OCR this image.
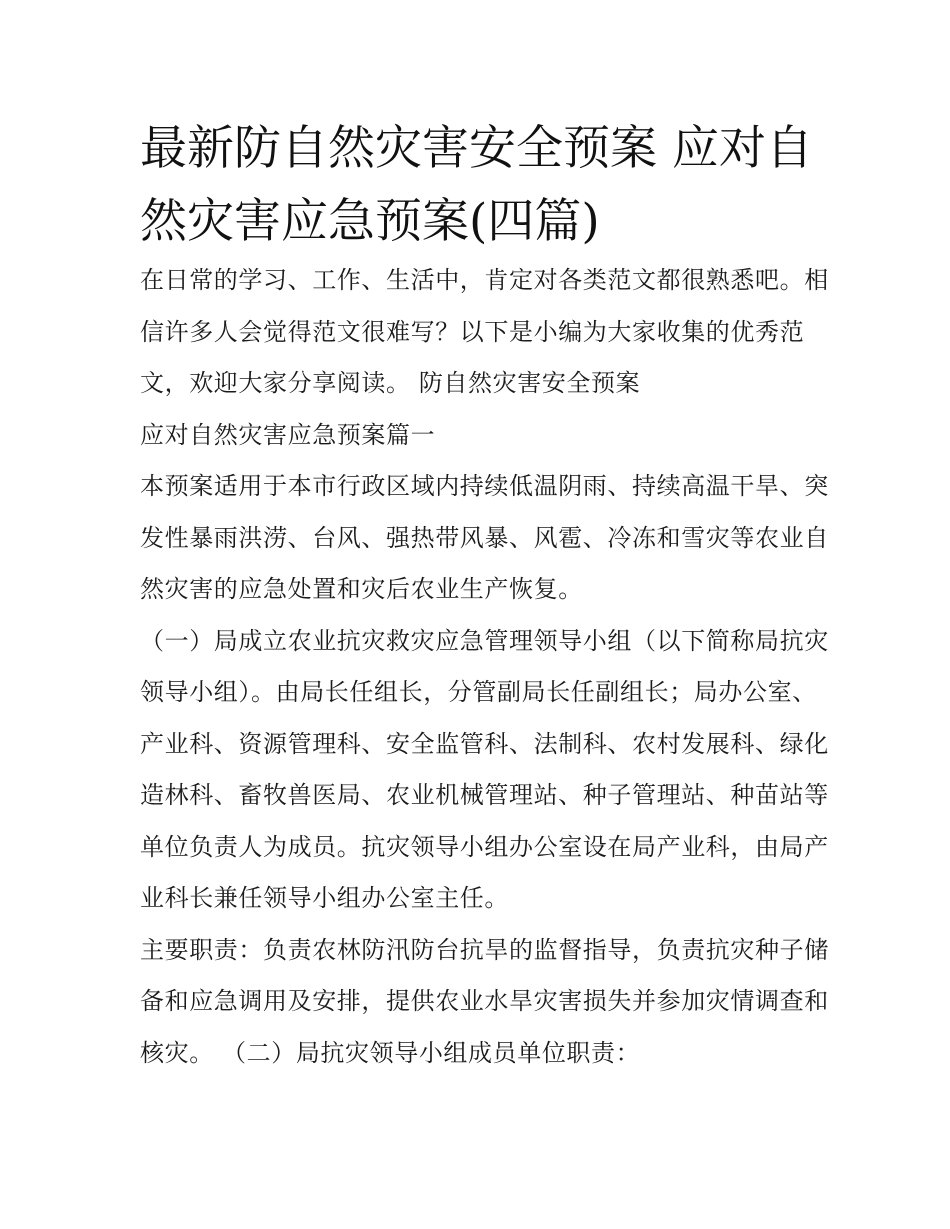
最新防自然灾害安全预案 应对自然灾害应急预案(四篇)

在日常的学习、工作、生活中，肯定对各类范文都很熟悉吧。相信许多人会觉得范文很难写？以下是小编为大家收集的优秀范文，欢迎大家分享阅读。 防自然灾害安全预案

应对自然灾害应急预案篇一

本预案适用于本市行政区域内持续低温阴雨、持续高温干旱、突发性暴雨洪涝、台风、强热带风暴、风雹、冷冻和雪灾等农业自然灾害的应急处置和灾后农业生产恢复。

（一）局成立农业抗灾救灾应急管理领导小组（以下简称局抗灾领导小组）。由局长任组长，分管副局长任副组长；局办公室、产业科、资源管理科、安全监管科、法制科、农村发展科、绿化造林科、畜牧兽医局、农业机械管理站、种子管理站、种苗站等单位负责人为成员。抗灾领导小组办公室设在局产业科，由局产业科长兼任领导小组办公室主任。

主要职责：负责农林防汛防台抗旱的监督指导，负责抗灾种子储备和应急调用及安排，提供农业水旱灾害损失并参加灾情调查和核灾。 （二）局抗灾领导小组成员单位职责：
